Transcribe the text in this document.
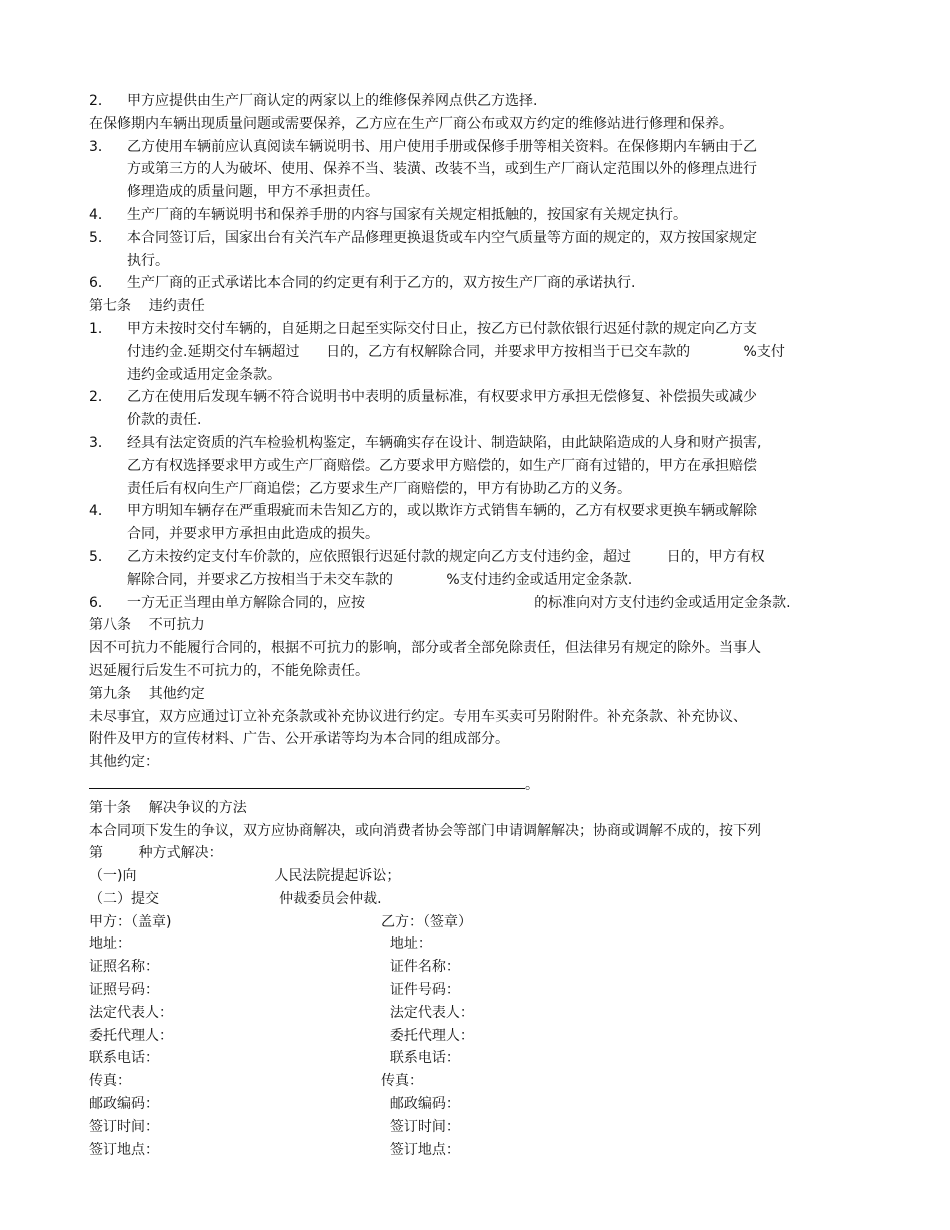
2．	甲方应提供由生产厂商认定的两家以上的维修保养网点供乙方选择.
在保修期内车辆出现质量问题或需要保养，乙方应在生产厂商公布或双方约定的维修站进行修理和保养。
3．	乙方使用车辆前应认真阅读车辆说明书、用户使用手册或保修手册等相关资料。在保修期内车辆由于乙
方或第三方的人为破坏、使用、保养不当、装潢、改装不当，或到生产厂商认定范围以外的修理点进行
修理造成的质量问题，甲方不承担责任。
4．	生产厂商的车辆说明书和保养手册的内容与国家有关规定相抵触的，按国家有关规定执行。
5．	本合同签订后，国家出台有关汽车产品修理更换退货或车内空气质量等方面的规定的，双方按国家规定
执行。
6．	生产厂商的正式承诺比本合同的约定更有利于乙方的，双方按生产厂商的承诺执行.
第七条    违约责任
1．	甲方未按时交付车辆的，自延期之日起至实际交付日止，按乙方已付款依银行迟延付款的规定向乙方支
付违约金.延期交付车辆超过      日的，乙方有权解除合同，并要求甲方按相当于已交车款的            %支付
违约金或适用定金条款。
2．	乙方在使用后发现车辆不符合说明书中表明的质量标准，有权要求甲方承担无偿修复、补偿损失或减少
价款的责任.
3．	经具有法定资质的汽车检验机构鉴定，车辆确实存在设计、制造缺陷，由此缺陷造成的人身和财产损害,
乙方有权选择要求甲方或生产厂商赔偿。乙方要求甲方赔偿的，如生产厂商有过错的，甲方在承担赔偿
责任后有权向生产厂商追偿；乙方要求生产厂商赔偿的，甲方有协助乙方的义务。
4．	甲方明知车辆存在严重瑕疵而未告知乙方的，或以欺诈方式销售车辆的，乙方有权要求更换车辆或解除
合同，并要求甲方承担由此造成的损失。
5．	乙方未按约定支付车价款的，应依照银行迟延付款的规定向乙方支付违约金，超过        日的，甲方有权
解除合同，并要求乙方按相当于未交车款的            %支付违约金或适用定金条款.
6．	一方无正当理由单方解除合同的，应按                                      的标准向对方支付违约金或适用定金条款.
第八条    不可抗力
因不可抗力不能履行合同的，根据不可抗力的影响，部分或者全部免除责任，但法律另有规定的除外。当事人
迟延履行后发生不可抗力的，不能免除责任。
第九条    其他约定
未尽事宜，双方应通过订立补充条款或补充协议进行约定。专用车买卖可另附附件。补充条款、补充协议、
附件及甲方的宣传材料、广告、公开承诺等均为本合同的组成部分。
其他约定：
。
第十条    解决争议的方法
本合同项下发生的争议，双方应协商解决，或向消费者协会等部门申请调解解决；协商或调解不成的，按下列
第        种方式解决：
（一)向                               人民法院提起诉讼；
（二）提交                           仲裁委员会仲裁.
甲方：（盖章)	乙方：（签章）
地址：	地址：
证照名称：	证件名称：
证照号码：	证件号码：
法定代表人：	法定代表人：
委托代理人：	委托代理人：
联系电话：	联系电话：
传真：	传真：
邮政编码：	邮政编码：
签订时间：	签订时间：
签订地点：	签订地点：
